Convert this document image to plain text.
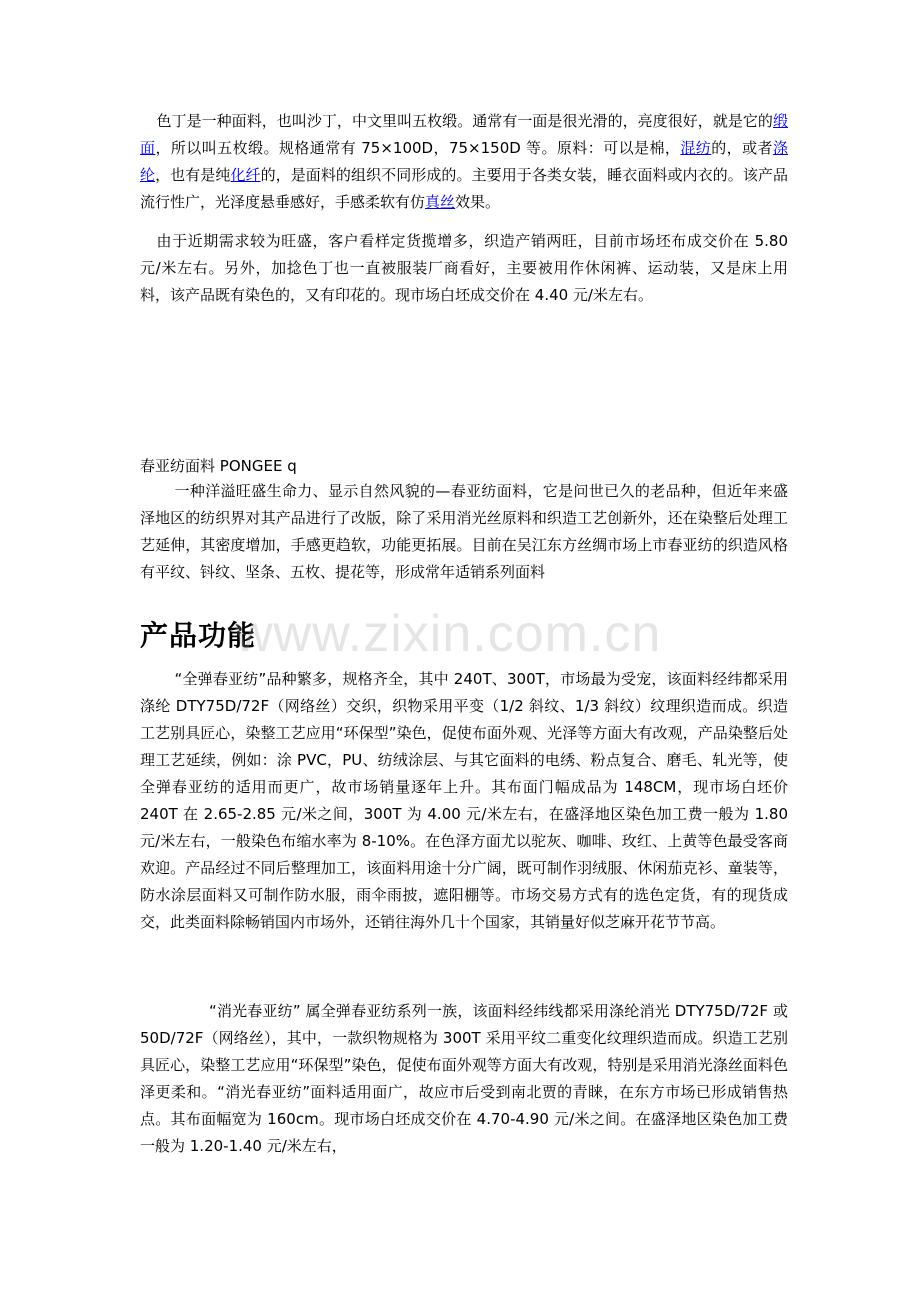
色丁是一种面料，也叫沙丁，中文里叫五枚缎。通常有一面是很光滑的，亮度很好，就是它的缎面，所以叫五枚缎。规格通常有 75×100D，75×150D 等。原料：可以是棉，混纺的，或者涤纶，也有是纯化纤的，是面料的组织不同形成的。主要用于各类女装，睡衣面料或内衣的。该产品流行性广，光泽度悬垂感好，手感柔软有仿真丝效果。

由于近期需求较为旺盛，客户看样定货揽增多，织造产销两旺，目前市场坯布成交价在 5.80 元/米左右。另外，加捻色丁也一直被服装厂商看好，主要被用作休闲裤、运动装，又是床上用料，该产品既有染色的，又有印花的。现市场白坯成交价在 4.40 元/米左右。

春亚纺面料 PONGEE q

一种洋溢旺盛生命力、显示自然风貌的—春亚纺面料，它是问世已久的老品种，但近年来盛泽地区的纺织界对其产品进行了改版，除了采用消光丝原料和织造工艺创新外，还在染整后处理工艺延伸，其密度增加，手感更趋软，功能更拓展。目前在吴江东方丝绸市场上市春亚纺的织造风格有平纹、钭纹、坚条、五枚、提花等，形成常年适销系列面料

产品功能

“全弹春亚纺”品种繁多，规格齐全，其中 240T、300T，市场最为受宠，该面料经纬都采用涤纶 DTY75D/72F（网络丝）交织，织物采用平变（1/2 斜纹、1/3 斜纹）纹理织造而成。织造工艺别具匠心，染整工艺应用“环保型”染色，促使布面外观、光泽等方面大有改观，产品染整后处理工艺延续，例如：涂 PVC，PU、纺绒涂层、与其它面料的电绣、粉点复合、磨毛、轧光等，使全弹春亚纺的适用而更广，故市场销量逐年上升。其布面门幅成品为 148CM，现市场白坯价 240T 在 2.65-2.85 元/米之间，300T 为 4.00 元/米左右，在盛泽地区染色加工费一般为 1.80 元/米左右，一般染色布缩水率为 8-10%。在色泽方面尤以驼灰、咖啡、玫红、上黄等色最受客商欢迎。产品经过不同后整理加工，该面料用途十分广阔，既可制作羽绒服、休闲茄克衫、童装等，防水涂层面料又可制作防水服，雨伞雨披，遮阳棚等。市场交易方式有的选色定货，有的现货成交，此类面料除畅销国内市场外，还销往海外几十个国家，其销量好似芝麻开花节节高。

“消光春亚纺” 属全弹春亚纺系列一族，该面料经纬线都采用涤纶消光 DTY75D/72F 或 50D/72F（网络丝），其中，一款织物规格为 300T 采用平纹二重变化纹理织造而成。织造工艺别具匠心，染整工艺应用“环保型”染色，促使布面外观等方面大有改观，特别是采用消光涤丝面料色泽更柔和。“消光春亚纺”面料适用面广，故应市后受到南北贾的青睐，在东方市场已形成销售热点。其布面幅宽为 160cm。现市场白坯成交价在 4.70-4.90 元/米之间。在盛泽地区染色加工费一般为 1.20-1.40 元/米左右，

www.zixin.com.cn
